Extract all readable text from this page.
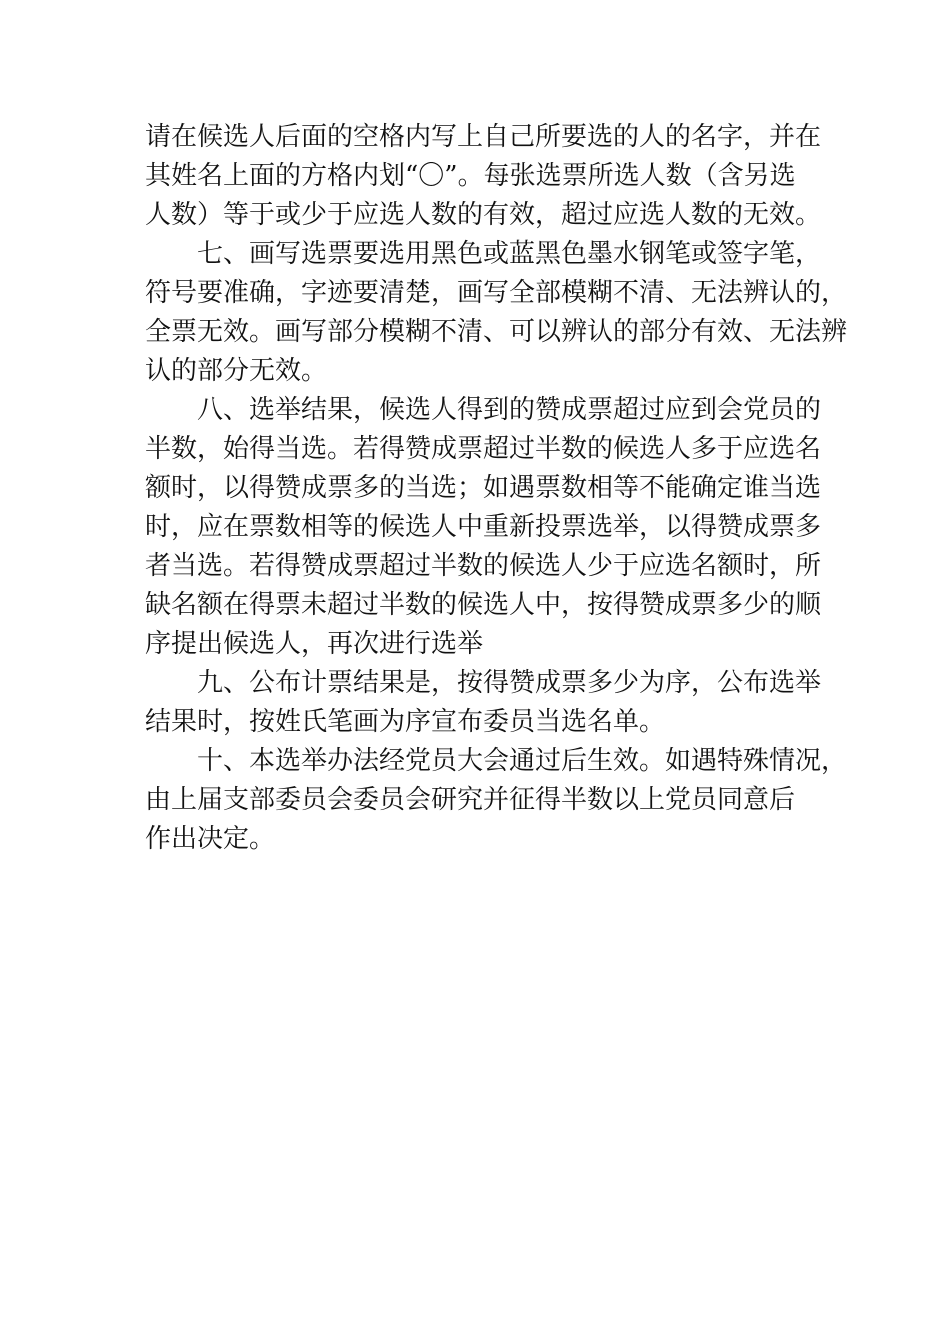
请在候选人后面的空格内写上自己所要选的人的名字，并在
其姓名上面的方格内划“〇”。每张选票所选人数（含另选
人数）等于或少于应选人数的有效，超过应选人数的无效。
七、画写选票要选用黑色或蓝黑色墨水钢笔或签字笔，
符号要准确，字迹要清楚，画写全部模糊不清、无法辨认的，
全票无效。画写部分模糊不清、可以辨认的部分有效、无法辨
认的部分无效。
八、选举结果，候选人得到的赞成票超过应到会党员的
半数，始得当选。若得赞成票超过半数的候选人多于应选名
额时，以得赞成票多的当选；如遇票数相等不能确定谁当选
时，应在票数相等的候选人中重新投票选举，以得赞成票多
者当选。若得赞成票超过半数的候选人少于应选名额时，所
缺名额在得票未超过半数的候选人中，按得赞成票多少的顺
序提出候选人，再次进行选举
九、公布计票结果是，按得赞成票多少为序，公布选举
结果时，按姓氏笔画为序宣布委员当选名单。
十、本选举办法经党员大会通过后生效。如遇特殊情况，
由上届支部委员会委员会研究并征得半数以上党员同意后
作出决定。
